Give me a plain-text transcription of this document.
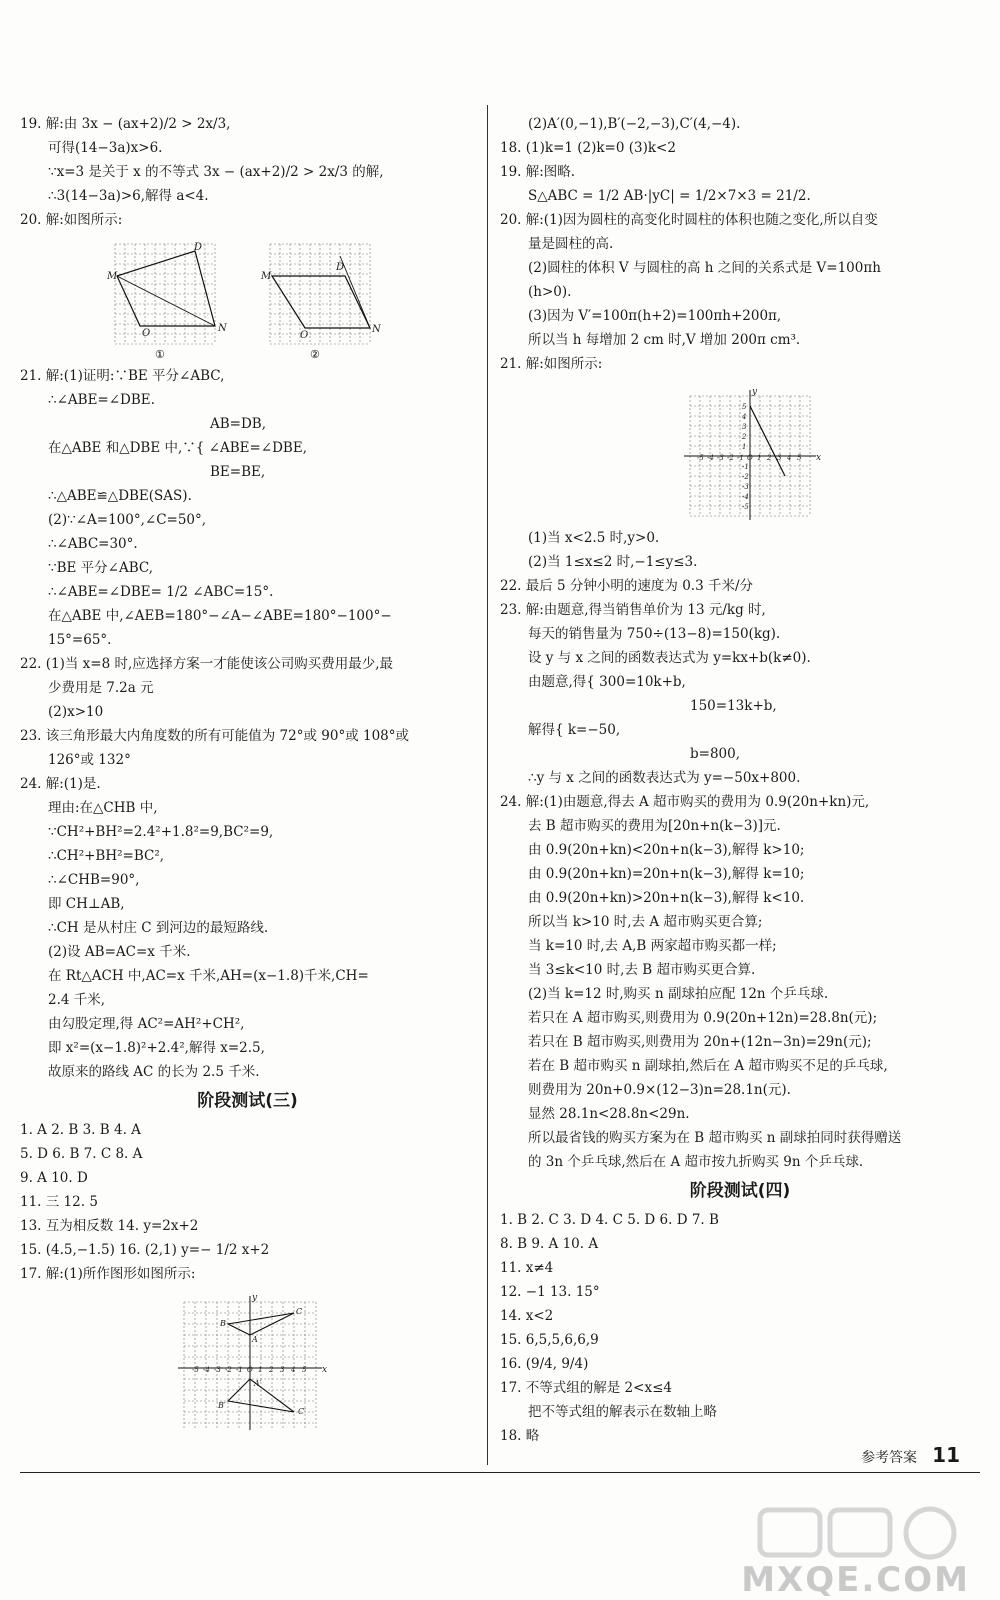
19. 解:由 3x − (ax+2)/2 > 2x/3,
可得(14−3a)x>6.
∵x=3 是关于 x 的不等式 3x − (ax+2)/2 > 2x/3 的解,
∴3(14−3a)>6,解得 a<4.
20. 解:如图所示:
D
M
O	N
D
M
O
N
①	②
21. 解:(1)证明:∵BE 平分∠ABC,
∴∠ABE=∠DBE.
AB=DB,
在△ABE 和△DBE 中,∵{ ∠ABE=∠DBE,
BE=BE,
∴△ABE≌△DBE(SAS).
(2)∵∠A=100°,∠C=50°,
∴∠ABC=30°.
∵BE 平分∠ABC,
∴∠ABE=∠DBE= 1/2 ∠ABC=15°.
在△ABE 中,∠AEB=180°−∠A−∠ABE=180°−100°−
15°=65°.
22. (1)当 x=8 时,应选择方案一才能使该公司购买费用最少,最
少费用是 7.2a 元
(2)x>10
23. 该三角形最大内角度数的所有可能值为 72°或 90°或 108°或
126°或 132°
24. 解:(1)是.
理由:在△CHB 中,
∵CH²+BH²=2.4²+1.8²=9,BC²=9,
∴CH²+BH²=BC²,
∴∠CHB=90°,
即 CH⊥AB,
∴CH 是从村庄 C 到河边的最短路线.
(2)设 AB=AC=x 千米.
在 Rt△ACH 中,AC=x 千米,AH=(x−1.8)千米,CH=
2.4 千米,
由勾股定理,得 AC²=AH²+CH²,
即 x²=(x−1.8)²+2.4²,解得 x=2.5,
故原来的路线 AC 的长为 2.5 千米.
阶段测试(三)
1. A 2. B 3. B 4. A
5. D 6. B 7. C 8. A
9. A 10. D
11. 三 12. 5
13. 互为相反数 14. y=2x+2
15. (4.5,−1.5) 16. (2,1) y=− 1/2 x+2
17. 解:(1)所作图形如图所示:
x
y
-5 -4 -3 -2 -1 O 1 2 3 4 5
A
B
C
A′
B′
C′
(2)A′(0,−1),B′(−2,−3),C′(4,−4).
18. (1)k=1 (2)k=0 (3)k<2
19. 解:图略.
S△ABC = 1/2 AB·|yC| = 1/2×7×3 = 21/2.
20. 解:(1)因为圆柱的高变化时圆柱的体积也随之变化,所以自变
量是圆柱的高.
(2)圆柱的体积 V 与圆柱的高 h 之间的关系式是 V=100πh
(h>0).
(3)因为 V′=100π(h+2)=100πh+200π,
所以当 h 每增加 2 cm 时,V 增加 200π cm³.
21. 解:如图所示:
x
y
-5 -4 -3 -2 -1 O 1 2 3 4 5
5
4
3
2
1
-1
-2
-3
-4
-5
(1)当 x<2.5 时,y>0.
(2)当 1≤x≤2 时,−1≤y≤3.
22. 最后 5 分钟小明的速度为 0.3 千米/分
23. 解:由题意,得当销售单价为 13 元/kg 时,
每天的销售量为 750÷(13−8)=150(kg).
设 y 与 x 之间的函数表达式为 y=kx+b(k≠0).
由题意,得{ 300=10k+b,
150=13k+b,
解得{ k=−50,
b=800,
∴y 与 x 之间的函数表达式为 y=−50x+800.
24. 解:(1)由题意,得去 A 超市购买的费用为 0.9(20n+kn)元,
去 B 超市购买的费用为[20n+n(k−3)]元.
由 0.9(20n+kn)<20n+n(k−3),解得 k>10;
由 0.9(20n+kn)=20n+n(k−3),解得 k=10;
由 0.9(20n+kn)>20n+n(k−3),解得 k<10.
所以当 k>10 时,去 A 超市购买更合算;
当 k=10 时,去 A,B 两家超市购买都一样;
当 3≤k<10 时,去 B 超市购买更合算.
(2)当 k=12 时,购买 n 副球拍应配 12n 个乒乓球.
若只在 A 超市购买,则费用为 0.9(20n+12n)=28.8n(元);
若只在 B 超市购买,则费用为 20n+(12n−3n)=29n(元);
若在 B 超市购买 n 副球拍,然后在 A 超市购买不足的乒乓球,
则费用为 20n+0.9×(12−3)n=28.1n(元).
显然 28.1n<28.8n<29n.
所以最省钱的购买方案为在 B 超市购买 n 副球拍同时获得赠送
的 3n 个乒乓球,然后在 A 超市按九折购买 9n 个乒乓球.
阶段测试(四)
1. B 2. C 3. D 4. C 5. D 6. D 7. B
8. B 9. A 10. A
11. x≠4
12. −1 13. 15°
14. x<2
15. 6,5,5,6,6,9
16. (9/4, 9/4)
17. 不等式组的解是 2<x≤4
把不等式组的解表示在数轴上略
18. 略
参考答案 11
MXQE.COM
